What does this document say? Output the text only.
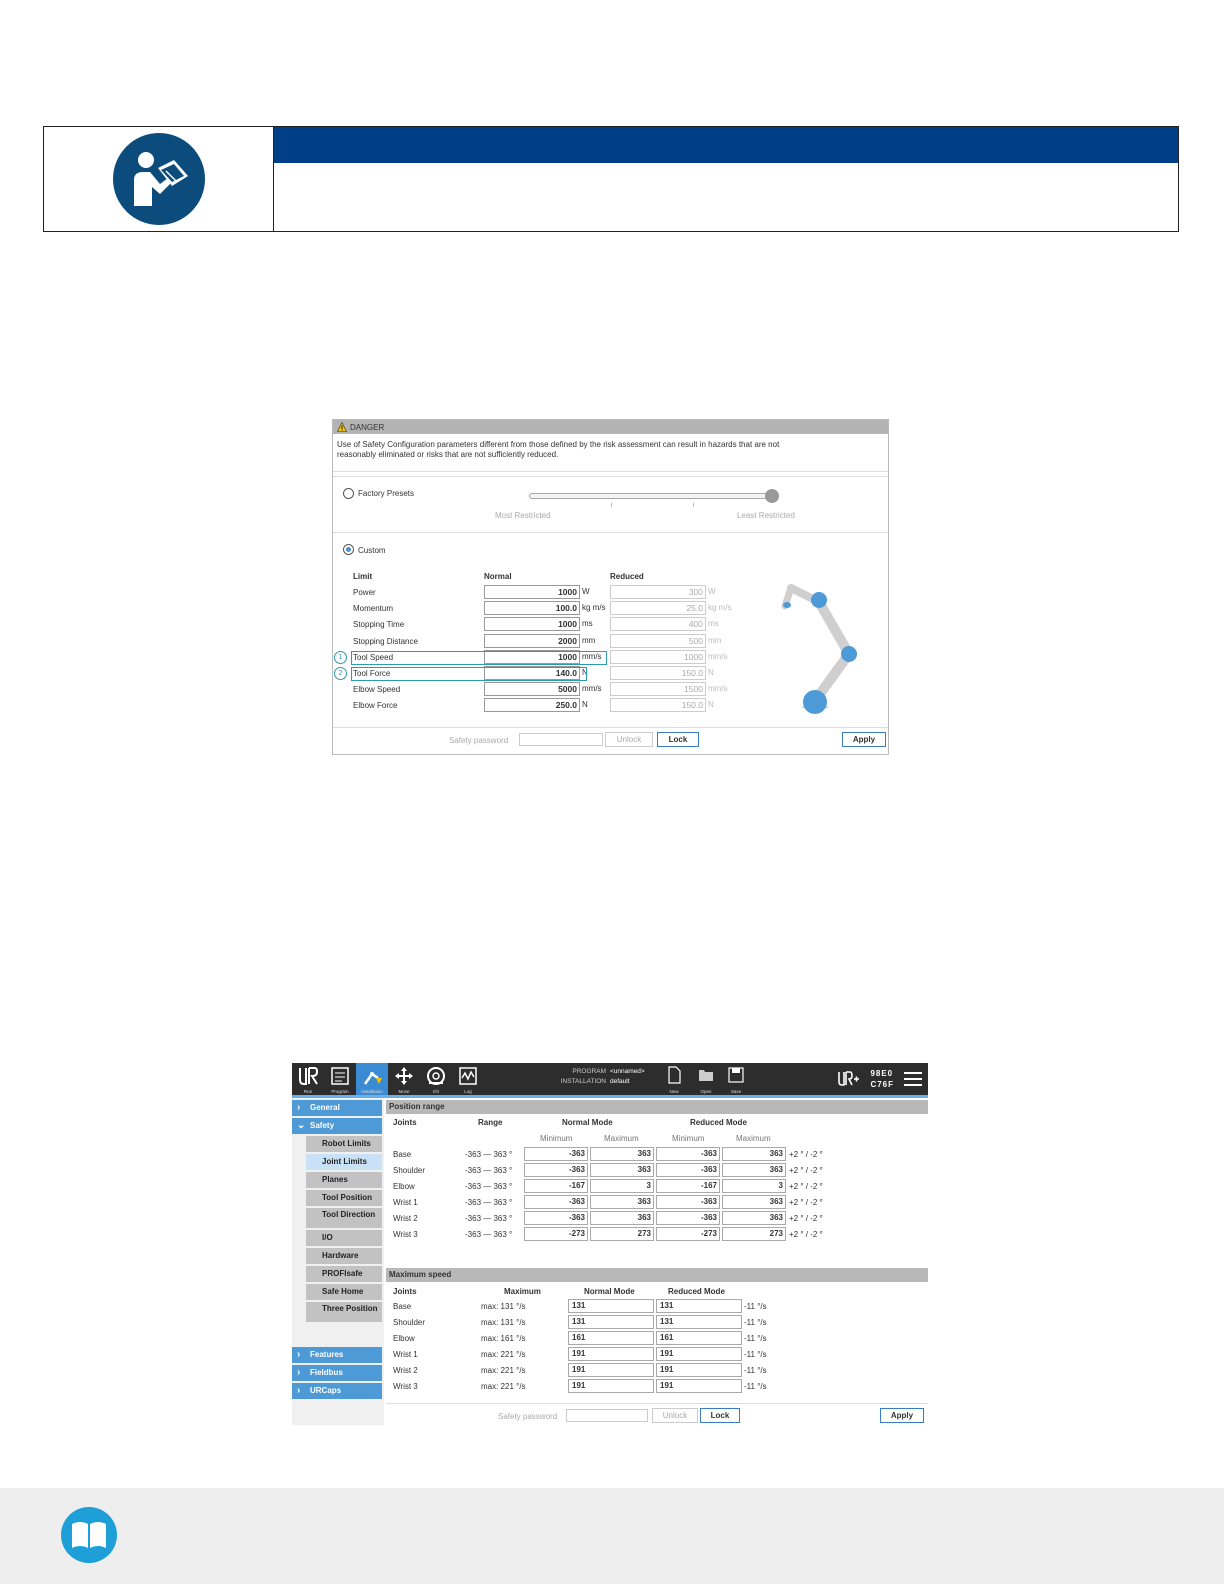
DANGER
Use of Safety Configuration parameters different from those defined by the risk assessment can result in hazards that are not
reasonably eliminated or risks that are not sufficiently reduced.
Factory Presets
Most Restricted	Least Restricted
Custom
Limit	Normal	Reduced
Power	1000 W	300 W
Momentum	100.0 kg m/s	25.0 kg m/s
Stopping Time	1000 ms	400 ms
Stopping Distance	2000 mm	500 mm
Tool Speed	1000 mm/s	1000 mm/s
Tool Force	140.0 N	150.0 N
Elbow Speed	5000 mm/s	1500 mm/s
Elbow Force	250.0 N	150.0 N
1
2
Safety password	Unlock	Lock	Apply
Run	Program	Installation	Move	I/O	Log
PROGRAM
INSTALLATION
<unnamed>
default
New	Open	Save
98E0
C76F
› General
⌄ Safety
Robot Limits
Joint Limits
Planes
Tool Position
Tool Direction
I/O
Hardware
PROFIsafe
Safe Home
Three Position
› Features
› Fieldbus
› URCaps
Position range
Joints	Range	Normal Mode	Reduced Mode
Minimum	Maximum	Minimum	Maximum
Base	-363 — 363 °	-363	363	-363	363 +2 ° / -2 °
Shoulder	-363 — 363 °	-363	363	-363	363 +2 ° / -2 °
Elbow	-363 — 363 °	-167	3	-167	3 +2 ° / -2 °
Wrist 1	-363 — 363 °	-363	363	-363	363 +2 ° / -2 °
Wrist 2	-363 — 363 °	-363	363	-363	363 +2 ° / -2 °
Wrist 3	-363 — 363 °	-273	273	-273	273 +2 ° / -2 °
Maximum speed
Joints	Maximum	Normal Mode	Reduced Mode
Base	max: 131 °/s	131	131	-11 °/s
Shoulder	max: 131 °/s	131	131	-11 °/s
Elbow	max: 161 °/s	161	161	-11 °/s
Wrist 1	max: 221 °/s	191	191	-11 °/s
Wrist 2	max: 221 °/s	191	191	-11 °/s
Wrist 3	max: 221 °/s	191	191	-11 °/s
Safety password	Unlock	Lock	Apply
